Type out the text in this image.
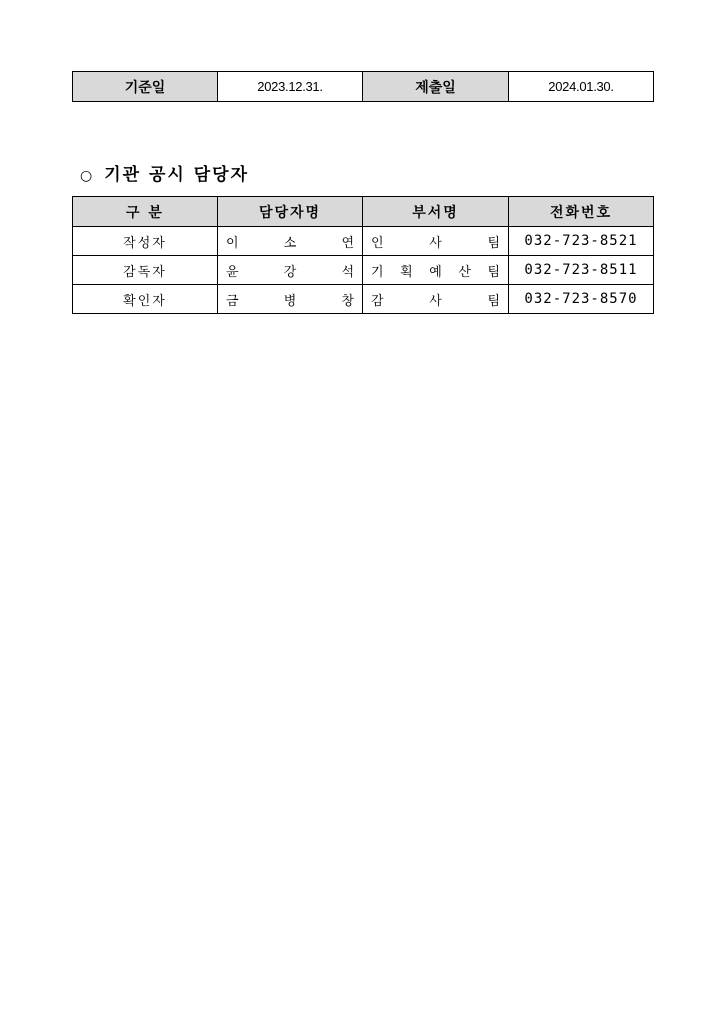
기준일	2023.12.31.	제출일	2024.01.30.
○ 기관 공시 담당자
구 분	담당자명	부서명	전화번호
작성자	이 소 연	인 사 팀	032-723-8521
감독자	윤 강 석	기 획 예 산 팀	032-723-8511
확인자	금 병 창	감 사 팀	032-723-8570
